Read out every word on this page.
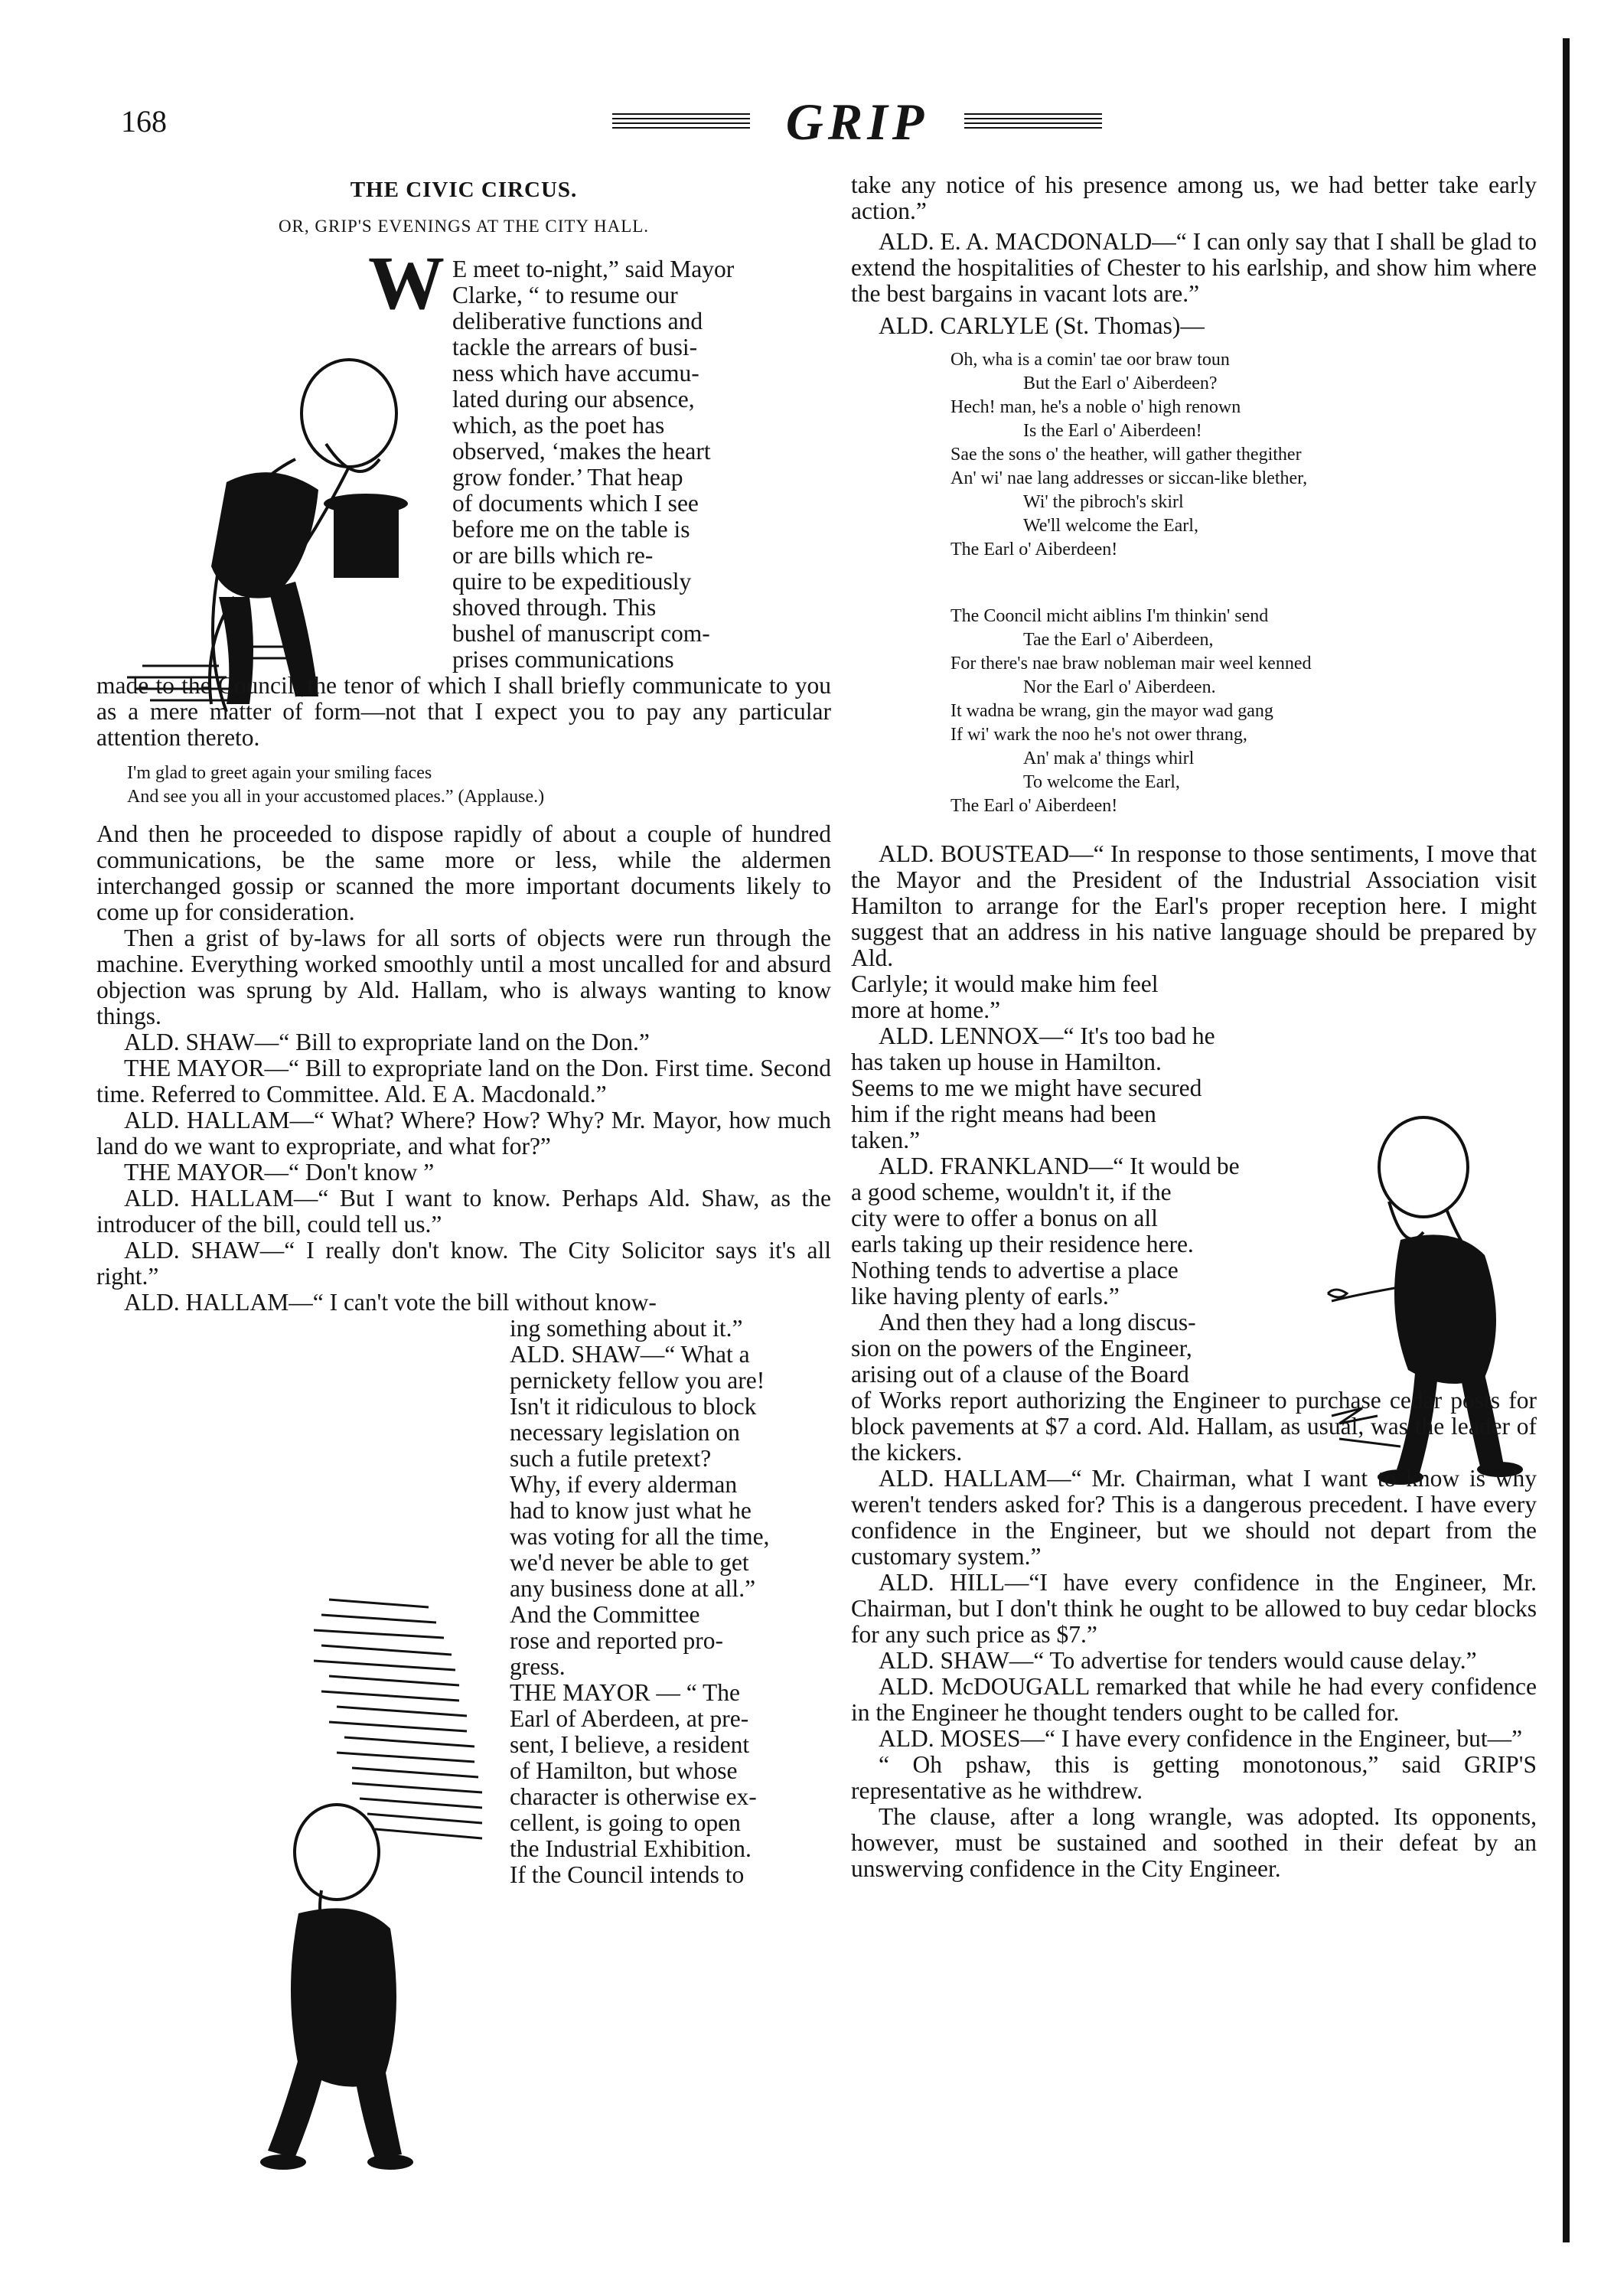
168	GRIP
THE CIVIC CIRCUS.
OR, GRIP'S EVENINGS AT THE CITY HALL.
W E meet to-night,” said Mayor
Clarke, “ to resume our
deliberative functions and
tackle the arrears of busi-
ness which have accumu-
lated during our absence,
which, as the poet has
observed, ‘makes the heart
grow fonder.’ That heap
of documents which I see
before me on the table is
or are bills which re-
quire to be expeditiously
shoved through. This
bushel of manuscript com-
prises communications

made to the Council, the tenor of which I shall briefly communicate to you as a mere matter of form—not that I expect you to pay any particular attention thereto.

I'm glad to greet again your smiling faces
And see you all in your accustomed places.” (Applause.)

And then he proceeded to dispose rapidly of about a couple of hundred communications, be the same more or less, while the aldermen interchanged gossip or scanned the more important documents likely to come up for consideration.

Then a grist of by-laws for all sorts of objects were run through the machine. Everything worked smoothly until a most uncalled for and absurd objection was sprung by Ald. Hallam, who is always wanting to know things.

ALD. SHAW—“ Bill to expropriate land on the Don.”

THE MAYOR—“ Bill to expropriate land on the Don. First time. Second time. Referred to Committee. Ald. E A. Macdonald.”

ALD. HALLAM—“ What? Where? How? Why? Mr. Mayor, how much land do we want to expropriate, and what for?”

THE MAYOR—“ Don't know ”

ALD. HALLAM—“ But I want to know. Perhaps Ald. Shaw, as the introducer of the bill, could tell us.”

ALD. SHAW—“ I really don't know. The City Solicitor says it's all right.”

ALD. HALLAM—“ I can't vote the bill without know-

ing something about it.”
ALD. SHAW—“ What a
pernickety fellow you are!
Isn't it ridiculous to block
necessary legislation on
such a futile pretext?
Why, if every alderman
had to know just what he
was voting for all the time,
we'd never be able to get
any business done at all.”
And the Committee
rose and reported pro-
gress.
THE MAYOR — “ The
Earl of Aberdeen, at pre-
sent, I believe, a resident
of Hamilton, but whose
character is otherwise ex-
cellent, is going to open
the Industrial Exhibition.
If the Council intends to

take any notice of his presence among us, we had better take early action.”

ALD. E. A. MACDONALD—“ I can only say that I shall be glad to extend the hospitalities of Chester to his earlship, and show him where the best bargains in vacant lots are.”

ALD. CARLYLE (St. Thomas)—

Oh, wha is a comin' tae oor braw toun
But the Earl o' Aiberdeen?
Hech! man, he's a noble o' high renown
Is the Earl o' Aiberdeen!
Sae the sons o' the heather, will gather thegither
An' wi' nae lang addresses or siccan-like blether,
Wi' the pibroch's skirl
We'll welcome the Earl,
The Earl o' Aiberdeen!
The Cooncil micht aiblins I'm thinkin' send
Tae the Earl o' Aiberdeen,
For there's nae braw nobleman mair weel kenned
Nor the Earl o' Aiberdeen.
It wadna be wrang, gin the mayor wad gang
If wi' wark the noo he's not ower thrang,
An' mak a' things whirl
To welcome the Earl,
The Earl o' Aiberdeen!

ALD. BOUSTEAD—“ In response to those sentiments, I move that the Mayor and the President of the Industrial Association visit Hamilton to arrange for the Earl's proper reception here. I might suggest that an address in his native language should be prepared by Ald.

Carlyle; it would make him feel
more at home.”
ALD. LENNOX—“ It's too bad he
has taken up house in Hamilton.
Seems to me we might have secured
him if the right means had been
taken.”
ALD. FRANKLAND—“ It would be
a good scheme, wouldn't it, if the
city were to offer a bonus on all
earls taking up their residence here.
Nothing tends to advertise a place
like having plenty of earls.”
And then they had a long discus-
sion on the powers of the Engineer,
arising out of a clause of the Board

of Works report authorizing the Engineer to purchase cedar posts for block pavements at $7 a cord. Ald. Hallam, as usual, was the leader of the kickers.

ALD. HALLAM—“ Mr. Chairman, what I want to know is why weren't tenders asked for? This is a dangerous precedent. I have every confidence in the Engineer, but we should not depart from the customary system.”

ALD. HILL—“I have every confidence in the Engineer, Mr. Chairman, but I don't think he ought to be allowed to buy cedar blocks for any such price as $7.”

ALD. SHAW—“ To advertise for tenders would cause delay.”

ALD. McDOUGALL remarked that while he had every confidence in the Engineer he thought tenders ought to be called for.

ALD. MOSES—“ I have every confidence in the Engineer, but—”

“ Oh pshaw, this is getting monotonous,” said GRIP'S representative as he withdrew.

The clause, after a long wrangle, was adopted. Its opponents, however, must be sustained and soothed in their defeat by an unswerving confidence in the City Engineer.
